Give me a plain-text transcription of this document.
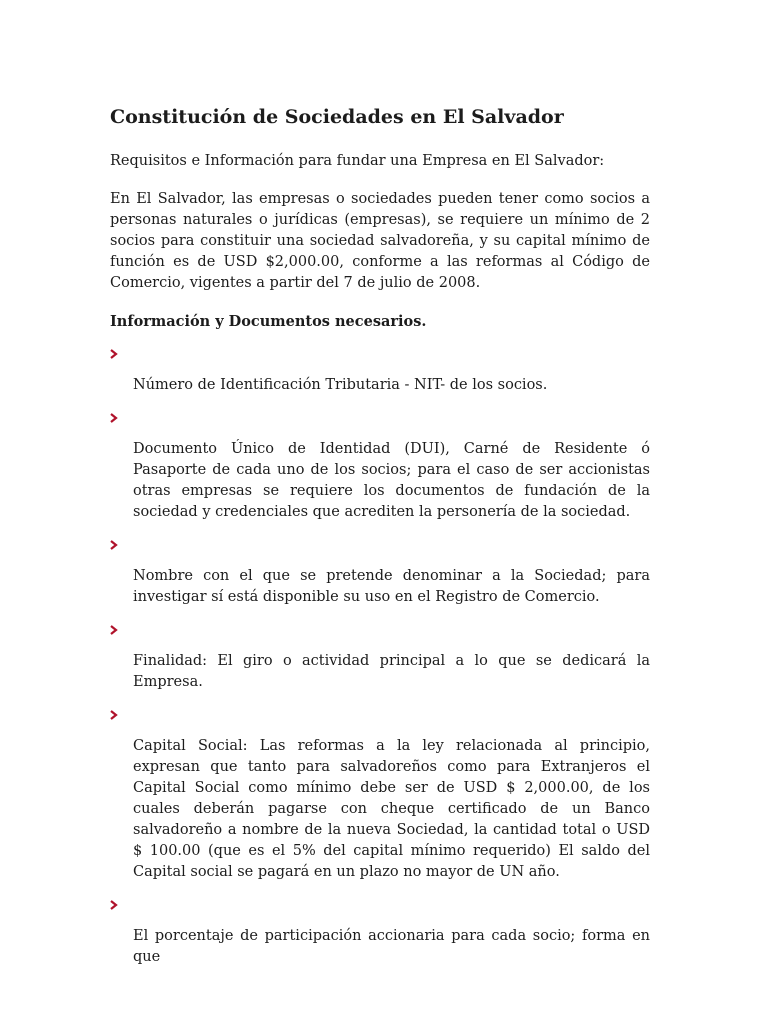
Constitución de Sociedades en El Salvador

Requisitos e Información para fundar una Empresa en El Salvador:

En El Salvador, las empresas o sociedades pueden tener como socios a personas naturales o jurídicas (empresas), se requiere un mínimo de 2 socios para constituir una sociedad salvadoreña, y su capital mínimo de función es de USD $2,000.00, conforme a las reformas al Código de Comercio, vigentes a partir del 7 de julio de 2008.

Información y Documentos necesarios.

Número de Identificación Tributaria - NIT- de los socios.
Documento Único de Identidad (DUI), Carné de Residente ó Pasaporte de cada uno de los socios; para el caso de ser accionistas otras empresas se requiere los documentos de fundación de la sociedad y credenciales que acrediten la personería de la sociedad.
Nombre con el que se pretende denominar a la Sociedad; para investigar sí está disponible su uso en el Registro de Comercio.
Finalidad: El giro o actividad principal a lo que se dedicará la Empresa.
Capital Social: Las reformas a la ley relacionada al principio, expresan que tanto para salvadoreños como para Extranjeros el Capital Social como mínimo debe ser de USD $ 2,000.00, de los cuales deberán pagarse con cheque certificado de un Banco salvadoreño a nombre de la nueva Sociedad, la cantidad total o USD $ 100.00 (que es el 5% del capital mínimo requerido) El saldo del Capital social se pagará en un plazo no mayor de UN año.
El porcentaje de participación accionaria para cada socio; forma en que
